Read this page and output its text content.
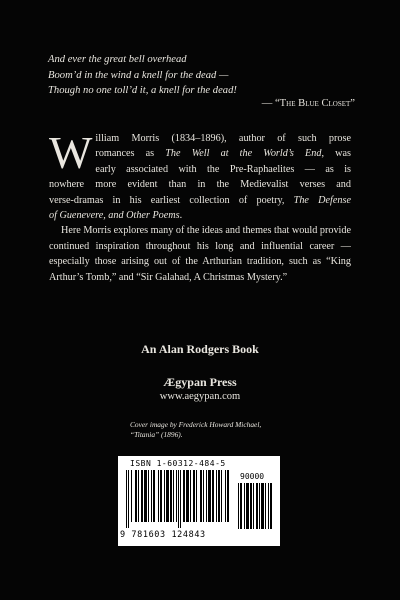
And ever the great bell overhead
Boom’d in the wind a knell for the dead —
Though no one toll’d it, a knell for the dead!
— “The Blue Closet”

W illiam Morris (1834–1896), author of such prose
romances as The Well at the World’s End, was
early associated with the Pre-Raphaelites — as is
nowhere more evident than in the Medievalist verses and
verse-dramas in his earliest collection of poetry, The Defense
of Guenevere, and Other Poems.

Here Morris explores many of the ideas and themes that would provide continued inspiration throughout his long and influential career — especially those arising out of the Arthurian tradition, such as “King Arthur’s Tomb,” and “Sir Galahad, A Christmas Mystery.”

An Alan Rodgers Book
Ægypan Press
www.aegypan.com
Cover image by Frederick Howard Michael, “Titania” (1896).
ISBN 1-60312-484-5
90000
9 781603 124843
